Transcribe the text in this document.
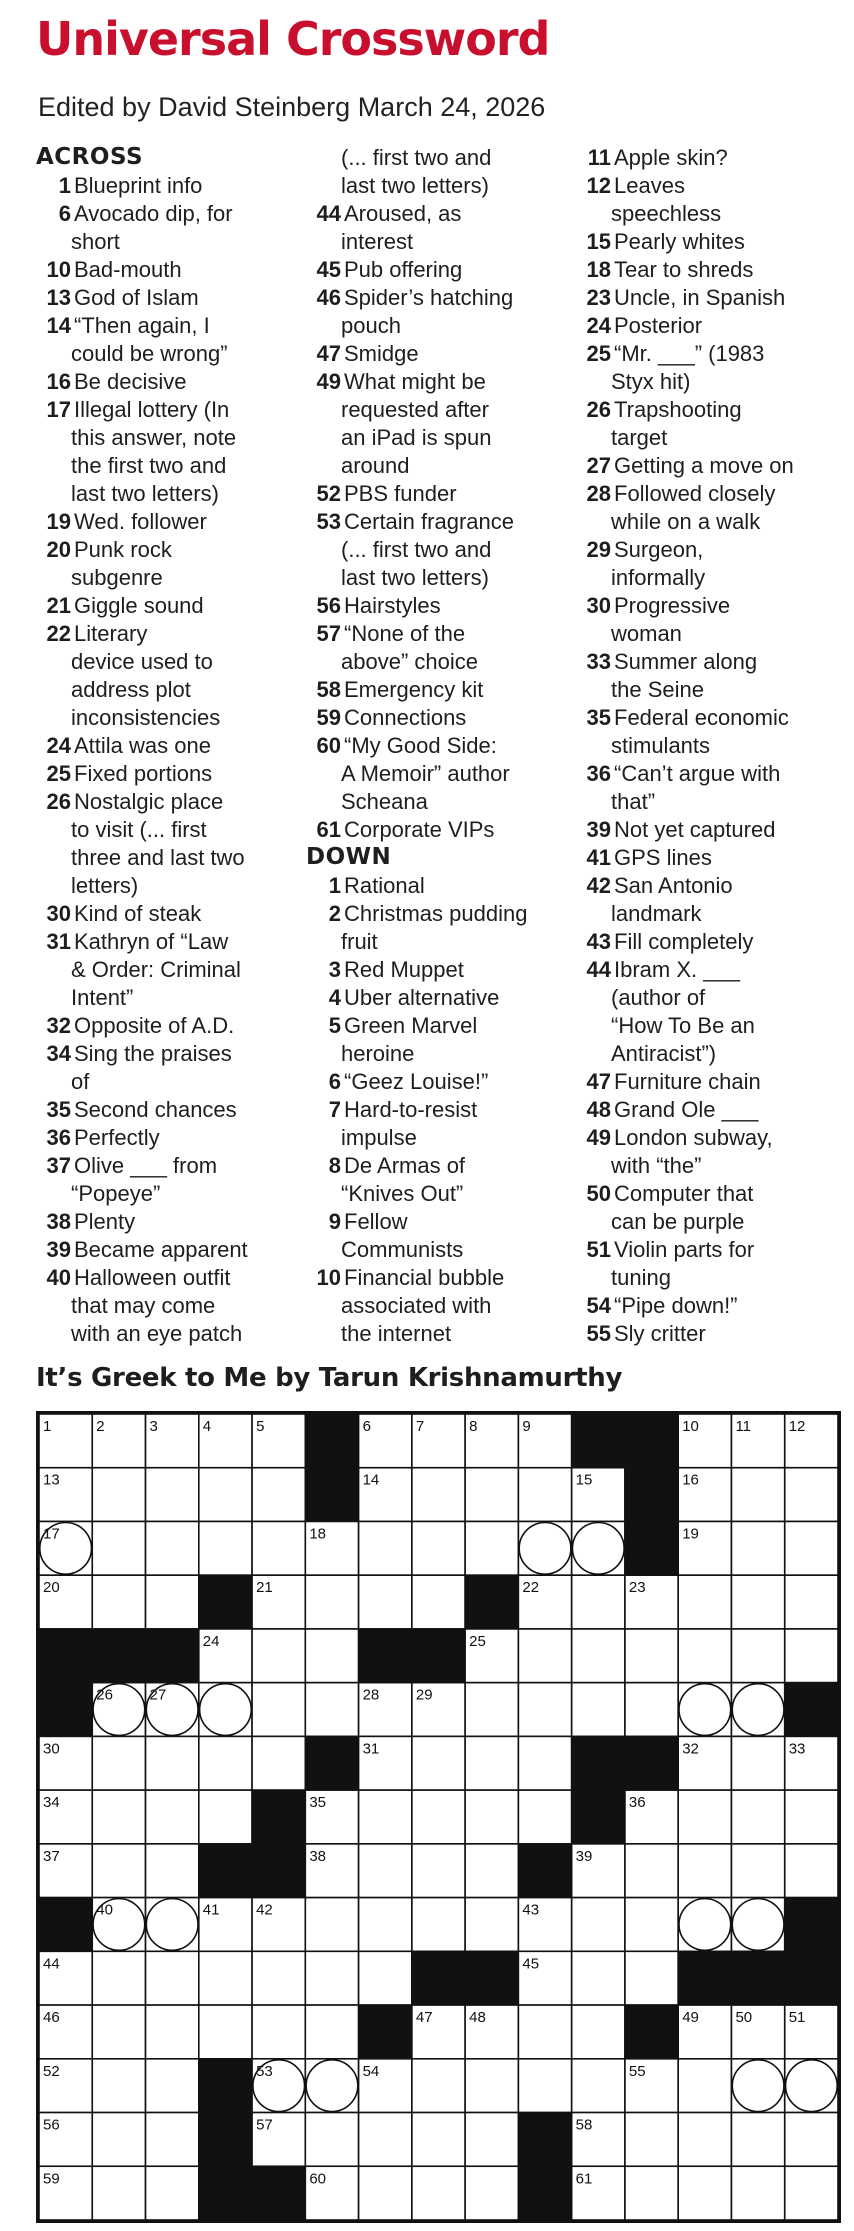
Universal Crossword
Edited by David Steinberg March 24, 2026
ACROSS
1 Blueprint info
6 Avocado dip, for
short
10 Bad-mouth
13 God of Islam
14 “Then again, I
could be wrong”
16 Be decisive
17 Illegal lottery (In
this answer, note
the first two and
last two letters)
19 Wed. follower
20 Punk rock
subgenre
21 Giggle sound
22 Literary
device used to
address plot
inconsistencies
24 Attila was one
25 Fixed portions
26 Nostalgic place
to visit (... first
three and last two
letters)
30 Kind of steak
31 Kathryn of “Law
& Order: Criminal
Intent”
32 Opposite of A.D.
34 Sing the praises
of
35 Second chances
36 Perfectly
37 Olive ___ from
“Popeye”
38 Plenty
39 Became apparent
40 Halloween outfit
that may come
with an eye patch
(... first two and
last two letters)
44 Aroused, as
interest
45 Pub offering
46 Spider’s hatching
pouch
47 Smidge
49 What might be
requested after
an iPad is spun
around
52 PBS funder
53 Certain fragrance
(... first two and
last two letters)
56 Hairstyles
57 “None of the
above” choice
58 Emergency kit
59 Connections
60 “My Good Side:
A Memoir” author
Scheana
61 Corporate VIPs
DOWN
1 Rational
2 Christmas pudding
fruit
3 Red Muppet
4 Uber alternative
5 Green Marvel
heroine
6 “Geez Louise!”
7 Hard-to-resist
impulse
8 De Armas of
“Knives Out”
9 Fellow
Communists
10 Financial bubble
associated with
the internet
11 Apple skin?
12 Leaves
speechless
15 Pearly whites
18 Tear to shreds
23 Uncle, in Spanish
24 Posterior
25 “Mr. ___” (1983
Styx hit)
26 Trapshooting
target
27 Getting a move on
28 Followed closely
while on a walk
29 Surgeon,
informally
30 Progressive
woman
33 Summer along
the Seine
35 Federal economic
stimulants
36 “Can’t argue with
that”
39 Not yet captured
41 GPS lines
42 San Antonio
landmark
43 Fill completely
44 Ibram X. ___
(author of
“How To Be an
Antiracist”)
47 Furniture chain
48 Grand Ole ___
49 London subway,
with “the”
50 Computer that
can be purple
51 Violin parts for
tuning
54 “Pipe down!”
55 Sly critter
It’s Greek to Me by Tarun Krishnamurthy
1	2	3	4	5	6	7	8	9	10 11	12
13	14	15	16
17	18	19
20	21	22	23
24	25
26 27	28 29
30	31	32	33
34	35	36
37	38	39
40	41 42	43
44	45
46	47 48	49 50 51
52	53	54	55
56	57	58
59	60	61
